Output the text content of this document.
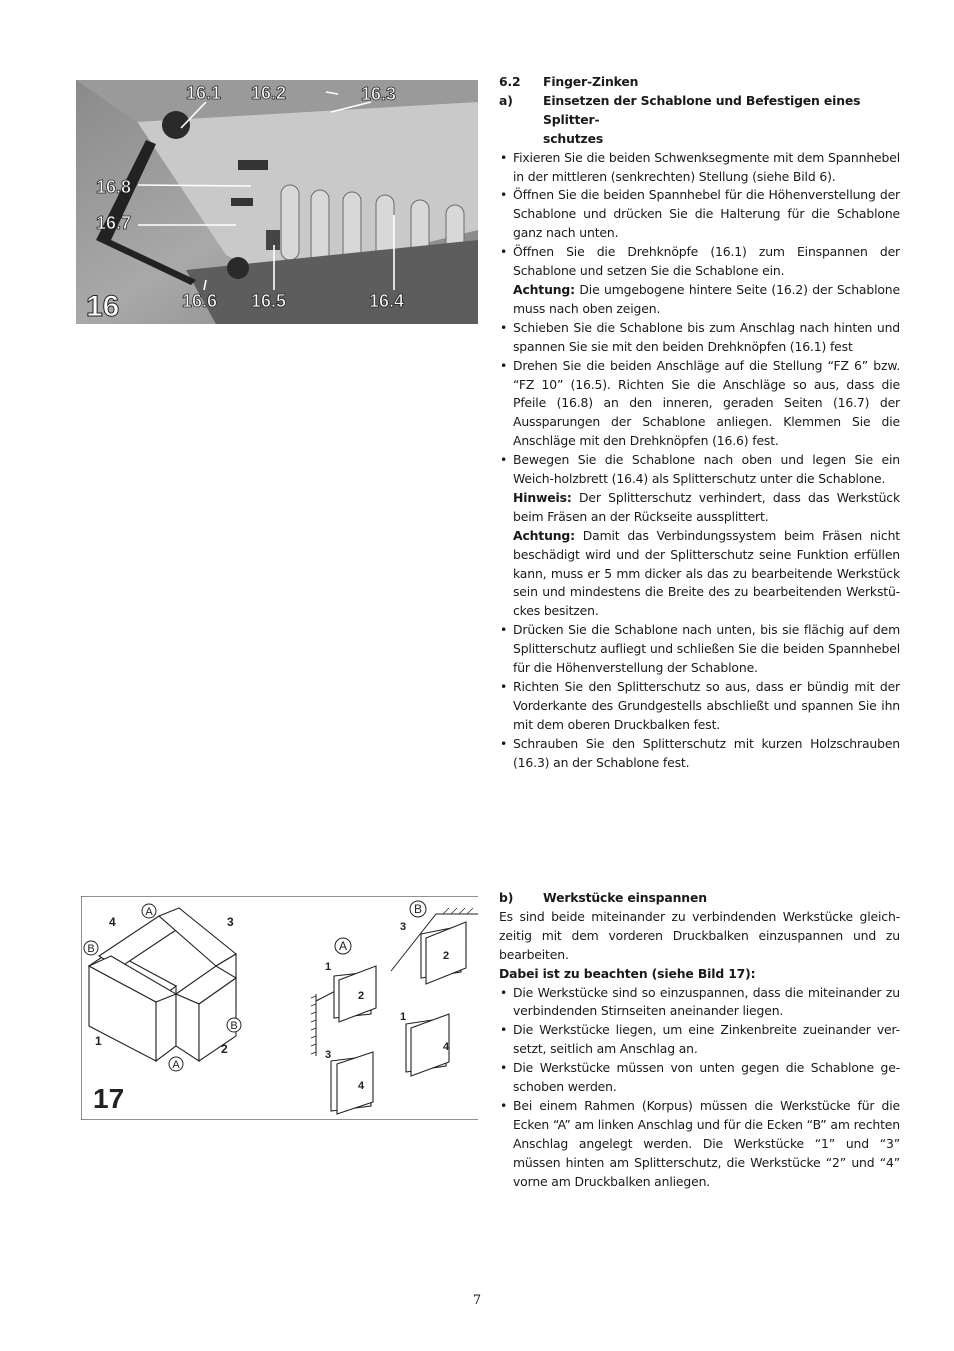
16.1 16.2	16.3
16.8
16.7
16.6 16.5	16.4
16
4	3
1
2
A
B
B
A
A
1
2
3
4
B
3
2
1
4
17
6.2	Finger-Zinken
a)	Einsetzen der Schablone und Befestigen eines Splitter-
schutzes
• Fixieren Sie die beiden Schwenksegmente mit dem Spannhebel in der mittleren (senkrechten) Stellung (siehe Bild 6).
• Öffnen Sie die beiden Spannhebel für die Höhenverstellung der Schablone und drücken Sie die Halterung für die Schablone ganz nach unten.
• Öffnen Sie die Drehknöpfe (16.1) zum Einspannen der Schablone und setzen Sie die Schablone ein.

Achtung: Die umgebogene hintere Seite (16.2) der Schablone muss nach oben zeigen.

• Schieben Sie die Schablone bis zum Anschlag nach hinten und spannen Sie sie mit den beiden Drehknöpfen (16.1) fest
• Drehen Sie die beiden Anschläge auf die Stellung “FZ 6” bzw. “FZ 10” (16.5). Richten Sie die Anschläge so aus, dass die Pfeile (16.8) an den inneren, geraden Seiten (16.7) der Aussparungen der Schablone anliegen. Klemmen Sie die Anschläge mit den Drehknöpfen (16.6) fest.
• Bewegen Sie die Schablone nach oben und legen Sie ein Weich-holzbrett (16.4) als Splitterschutz unter die Schablone.

Hinweis: Der Splitterschutz verhindert, dass das Werkstück beim Fräsen an der Rückseite aussplittert.

Achtung: Damit das Verbindungssystem beim Fräsen nicht beschädigt wird und der Splitterschutz seine Funktion erfüllen kann, muss er 5 mm dicker als das zu bearbeitende Werkstück sein und mindestens die Breite des zu bearbeitenden Werkstü-ckes besitzen.

• Drücken Sie die Schablone nach unten, bis sie flächig auf dem Splitterschutz aufliegt und schließen Sie die beiden Spannhebel für die Höhenverstellung der Schablone.
• Richten Sie den Splitterschutz so aus, dass er bündig mit der Vorderkante des Grundgestells abschließt und spannen Sie ihn mit dem oberen Druckbalken fest.
• Schrauben Sie den Splitterschutz mit kurzen Holzschrauben (16.3) an der Schablone fest.
b)	Werkstücke einspannen

Es sind beide miteinander zu verbindenden Werkstücke gleich-zeitig mit dem vorderen Druckbalken einzuspannen und zu bearbeiten.

Dabei ist zu beachten (siehe Bild 17):

• Die Werkstücke sind so einzuspannen, dass die miteinander zu verbindenden Stirnseiten aneinander liegen.
• Die Werkstücke liegen, um eine Zinkenbreite zueinander ver-setzt, seitlich am Anschlag an.
• Die Werkstücke müssen von unten gegen die Schablone ge-schoben werden.
• Bei einem Rahmen (Korpus) müssen die Werkstücke für die Ecken “A” am linken Anschlag und für die Ecken “B” am rechten Anschlag angelegt werden. Die Werkstücke “1” und “3” müssen hinten am Splitterschutz, die Werkstücke “2” und “4” vorne am Druckbalken anliegen.
7
